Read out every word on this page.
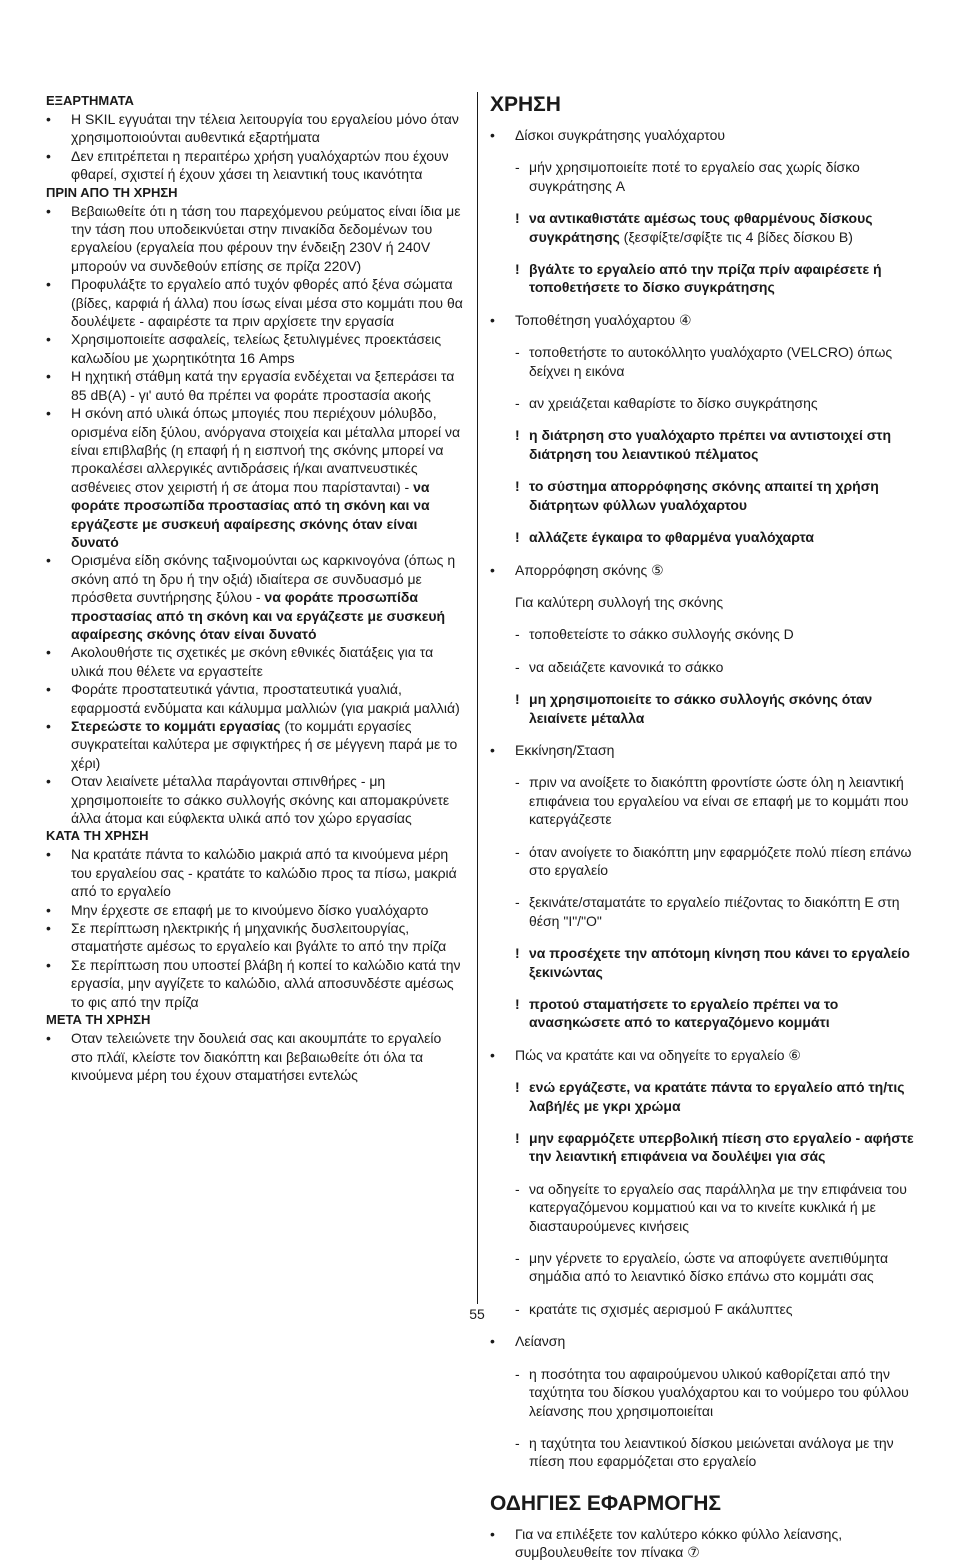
ΕΞΑΡΤΗΜΑΤΑ

•	Η SKIL εγγυάται την τέλεια λειτουργία του εργαλείου μόνο όταν χρησιμοποιούνται αυθεντικά εξαρτήματα

•	Δεν επιτρέπεται η περαιτέρω χρήση γυαλόχαρτών που έχουν φθαρεί, σχιστεί ή έχουν χάσει τη λειαντική τους ικανότητα

ΠΡΙΝ ΑΠΟ ΤΗ ΧΡΗΣΗ

•	Βεβαιωθείτε ότι η τάση του παρεχόμενου ρεύματος είναι ίδια με την τάση που υποδεικνύεται στην πινακίδα δεδομένων του εργαλείου (εργαλεία που φέρουν την ένδειξη 230V ή 240V μπορούν να συνδεθούν επίσης σε πρίζα 220V)

•	Προφυλάξτε το εργαλείο από τυχόν φθορές από ξένα σώματα (βίδες, καρφιά ή άλλα) που ίσως είναι μέσα στο κομμάτι που θα δουλέψετε - αφαιρέστε τα πριν αρχίσετε την εργασία

•	Χρησιμοποιείτε ασφαλείς, τελείως ξετυλιγμένες προεκτάσεις καλωδίου με χωρητικότητα 16 Amps

•	Η ηχητική στάθμη κατά την εργασία ενδέχεται να ξεπεράσει τα 85 dB(A) - γι' αυτό θα πρέπει να φοράτε προστασία ακοής

•	Η σκόνη από υλικά όπως μπογιές που περιέχουν μόλυβδο, ορισμένα είδη ξύλου, ανόργανα στοιχεία και μέταλλα μπορεί να είναι επιβλαβής (η επαφή ή η εισπνοή της σκόνης μπορεί να προκαλέσει αλλεργικές αντιδράσεις ή/και αναπνευστικές ασθένειες στον χειριστή ή σε άτομα που παρίστανται) - να φοράτε προσωπίδα προστασίας από τη σκόνη και να εργάζεστε με συσκευή αφαίρεσης σκόνης όταν είναι δυνατό

•	Ορισμένα είδη σκόνης ταξινομούνται ως καρκινογόνα (όπως η σκόνη από τη δρυ ή την οξιά) ιδιαίτερα σε συνδυασμό με πρόσθετα συντήρησης ξύλου - να φοράτε προσωπίδα προστασίας από τη σκόνη και να εργάζεστε με συσκευή αφαίρεσης σκόνης όταν είναι δυνατό

•	Ακολουθήστε τις σχετικές με σκόνη εθνικές διατάξεις για τα υλικά που θέλετε να εργαστείτε

•	Φοράτε προστατευτικά γάντια, προστατευτικά γυαλιά, εφαρμοστά ενδύματα και κάλυμμα μαλλιών (για μακριά μαλλιά)

•	Στερεώστε το κομμάτι εργασίας (το κομμάτι εργασίες συγκρατείται καλύτερα με σφιγκτήρες ή σε μέγγενη παρά με το χέρι)

•	Οταν λειαίνετε μέταλλα παράγονται σπινθήρες - μη χρησιμοποιείτε το σάκκο συλλογής σκόνης και απομακρύνετε άλλα άτομα και εύφλεκτα υλικά από τον χώρο εργασίας

ΚΑΤΑ ΤΗ ΧΡΗΣΗ

•	Να κρατάτε πάντα το καλώδιο μακριά από τα κινούμενα μέρη του εργαλείου σας - κρατάτε το καλώδιο προς τα πίσω, μακριά από το εργαλείο

•	Μην έρχεστε σε επαφή με το κινούμενο δίσκο γυαλόχαρτο

•	Σε περίπτωση ηλεκτρικής ή μηχανικής δυσλειτουργίας, σταματήστε αμέσως το εργαλείο και βγάλτε το από την πρίζα

•	Σε περίπτωση που υποστεί βλάβη ή κοπεί το καλώδιο κατά την εργασία, μην αγγίζετε το καλώδιο, αλλά αποσυνδέστε αμέσως το φις από την πρίζα

ΜΕΤΑ ΤΗ ΧΡΗΣΗ

•	Οταν τελειώνετε την δουλειά σας και ακουμπάτε το εργαλείο στο πλάϊ, κλείστε τον διακόπτη και βεβαιωθείτε ότι όλα τα κινούμενα μέρη του έχουν σταματήσει εντελώς

ΧΡΗΣΗ

•	Δίσκοι συγκράτησης γυαλόχαρτου

- μήν χρησιμοποιείτε ποτέ το εργαλείο σας χωρίς δίσκο συγκράτησης A

! να αντικαθιστάτε αμέσως τους φθαρμένους δίσκους συγκράτησης (ξεσφίξτε/σφίξτε τις 4 βίδες δίσκου B)

! βγάλτε το εργαλείο από την πρίζα πρίν αφαιρέσετε ή τοποθετήσετε το δίσκο συγκράτησης

•	Τοποθέτηση γυαλόχαρτου ④

- τοποθετήστε το αυτοκόλλητο γυαλόχαρτο (VELCRO) όπως δείχνει η εικόνα

- αν χρειάζεται καθαρίστε το δίσκο συγκράτησης

! η διάτρηση στο γυαλόχαρτο πρέπει να αντιστοιχεί στη διάτρηση του λειαντικού πέλματος

! το σύστημα απορρόφησης σκόνης απαιτεί τη χρήση διάτρητων φύλλων γυαλόχαρτου

! αλλάζετε έγκαιρα το φθαρμένα γυαλόχαρτα

•	Απορρόφηση σκόνης ⑤

Για καλύτερη συλλογή της σκόνης

- τοποθετείστε το σάκκο συλλογής σκόνης D

- να αδειάζετε κανονικά το σάκκο

! μη χρησιμοποιείτε το σάκκο συλλογής σκόνης όταν λειαίνετε μέταλλα

•	Εκκίνηση/Σταση

- πριν να ανοίξετε το διακόπτη φροντίστε ώστε όλη η λειαντική επιφάνεια του εργαλείου να είναι σε επαφή με το κομμάτι που κατεργάζεστε

- όταν ανοίγετε το διακόπτη μην εφαρμόζετε πολύ πίεση επάνω στο εργαλείο

- ξεκινάτε/σταματάτε το εργαλείο πιέζοντας το διακόπτη E στη θέση "I"/"O"

! να προσέχετε την απότομη κίνηση που κάνει το εργαλείο ξεκινώντας

! προτού σταματήσετε το εργαλείο πρέπει να το ανασηκώσετε από το κατεργαζόμενο κομμάτι

•	Πώς να κρατάτε και να οδηγείτε το εργαλείο ⑥

! ενώ εργάζεστε, να κρατάτε πάντα το εργαλείο από τη/τις λαβή/ές με γκρι χρώμα

! μην εφαρμόζετε υπερβολική πίεση στο εργαλείο - αφήστε την λειαντική επιφάνεια να δουλέψει για σάς

- να οδηγείτε το εργαλείο σας παράλληλα με την επιφάνεια του κατεργαζόμενου κομματιού και να το κινείτε κυκλικά ή με διασταυρούμενες κινήσεις

- μην γέρνετε το εργαλείο, ώστε να αποφύγετε ανεπιθύμητα σημάδια από το λειαντικό δίσκο επάνω στο κομμάτι σας

- κρατάτε τις σχισμές αερισμού F ακάλυπτες

•	Λείανση

- η ποσότητα του αφαιρούμενου υλικού καθορίζεται από την ταχύτητα του δίσκου γυαλόχαρτου και το νούμερο του φύλλου λείανσης που χρησιμοποιείται

- η ταχύτητα του λειαντικού δίσκου μειώνεται ανάλογα με την πίεση που εφαρμόζεται στο εργαλείο

ΟΔΗΓΙΕΣ ΕΦΑΡΜΟΓΗΣ

•	Για να επιλέξετε τον καλύτερο κόκκο φύλλο λείανσης, συμβουλευθείτε τον πίνακα ⑦

55
